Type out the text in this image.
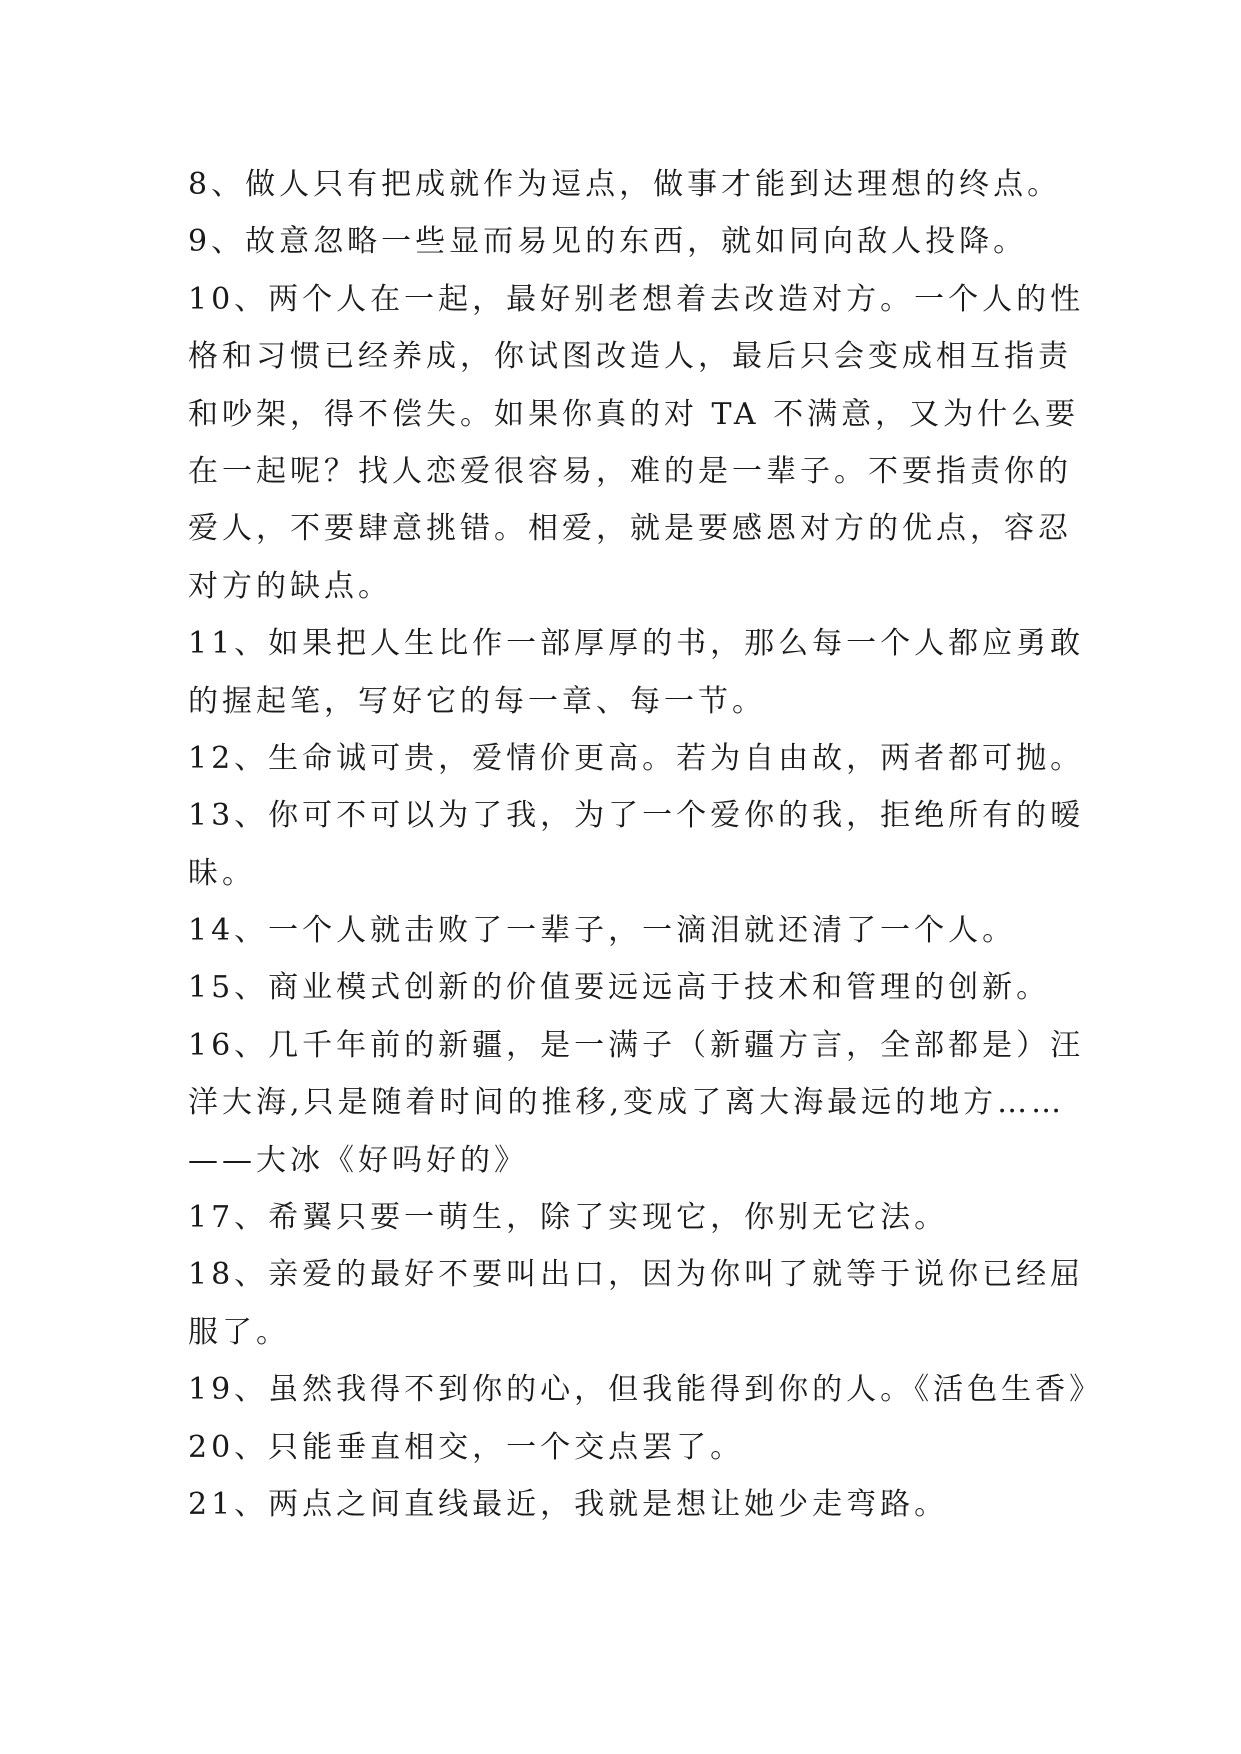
8、做人只有把成就作为逗点，做事才能到达理想的终点。
9、故意忽略一些显而易见的东西，就如同向敌人投降。
10、两个人在一起，最好别老想着去改造对方。一个人的性
格和习惯已经养成，你试图改造人，最后只会变成相互指责
和吵架，得不偿失。如果你真的对 TA 不满意，又为什么要
在一起呢？找人恋爱很容易，难的是一辈子。不要指责你的
爱人，不要肆意挑错。相爱，就是要感恩对方的优点，容忍
对方的缺点。
11、如果把人生比作一部厚厚的书，那么每一个人都应勇敢
的握起笔，写好它的每一章、每一节。
12、生命诚可贵，爱情价更高。若为自由故，两者都可抛。
13、你可不可以为了我，为了一个爱你的我，拒绝所有的暧
昧。
14、一个人就击败了一辈子，一滴泪就还清了一个人。
15、商业模式创新的价值要远远高于技术和管理的创新。
16、几千年前的新疆，是一满子（新疆方言，全部都是）汪
洋大海,只是随着时间的推移,变成了离大海最远的地方……
——大冰《好吗好的》
17、希翼只要一萌生，除了实现它，你别无它法。
18、亲爱的最好不要叫出口，因为你叫了就等于说你已经屈
服了。
19、虽然我得不到你的心，但我能得到你的人。《活色生香》
20、只能垂直相交，一个交点罢了。
21、两点之间直线最近，我就是想让她少走弯路。
